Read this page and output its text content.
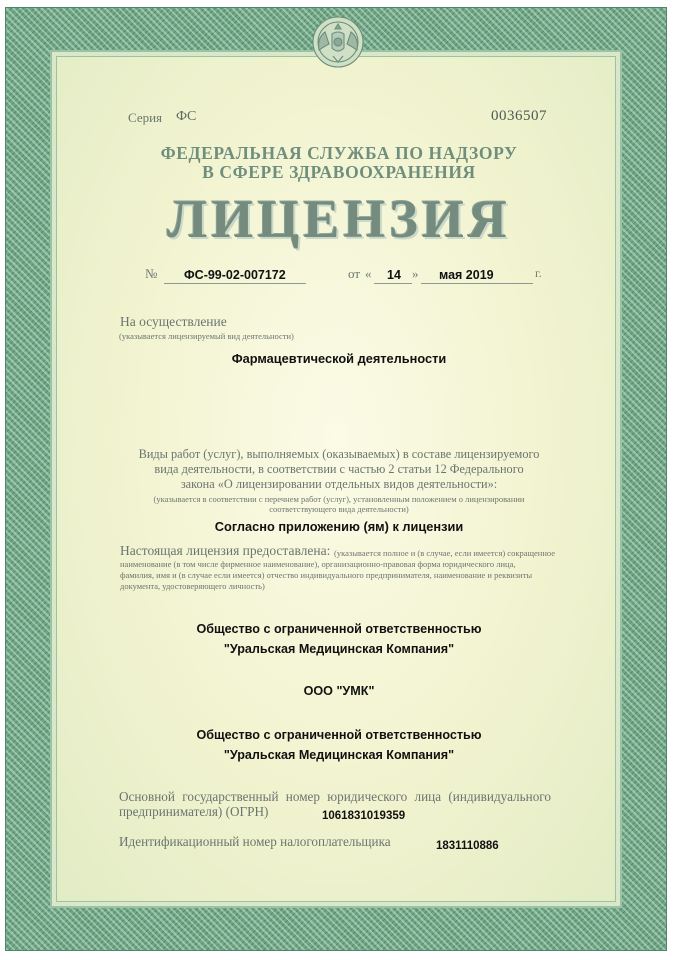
Серия ФС	0036507
ФЕДЕРАЛЬНАЯ СЛУЖБА ПО НАДЗОРУ
В СФЕРЕ ЗДРАВООХРАНЕНИЯ
ЛИЦЕНЗИЯ
№ ФС-99-02-007172	от « 14 » мая 2019	г.
На осуществление
(указывается лицензируемый вид деятельности)
Фармацевтической деятельности
Виды работ (услуг), выполняемых (оказываемых) в составе лицензируемого
вида деятельности, в соответствии с частью 2 статьи 12 Федерального
закона «О лицензировании отдельных видов деятельности»:
(указывается в соответствии с перечнем работ (услуг), установленным положением о лицензировании
соответствующего вида деятельности)
Согласно приложению (ям) к лицензии
Настоящая лицензия предоставлена: (указывается полное и (в случае, если имеется) сокращенное
наименование (в том числе фирменное наименование), организационно-правовая форма юридического лица,
фамилия, имя и (в случае если имеется) отчество индивидуального предпринимателя, наименование и реквизиты
документа, удостоверяющего личность)
Общество с ограниченной ответственностью
"Уральская Медицинская Компания"
ООО "УМК"
Общество с ограниченной ответственностью
"Уральская Медицинская Компания"
Основной государственный номер юридического лица (индивидуального
предпринимателя) (ОГРН)	1061831019359
Идентификационный номер налогоплательщика	1831110886
